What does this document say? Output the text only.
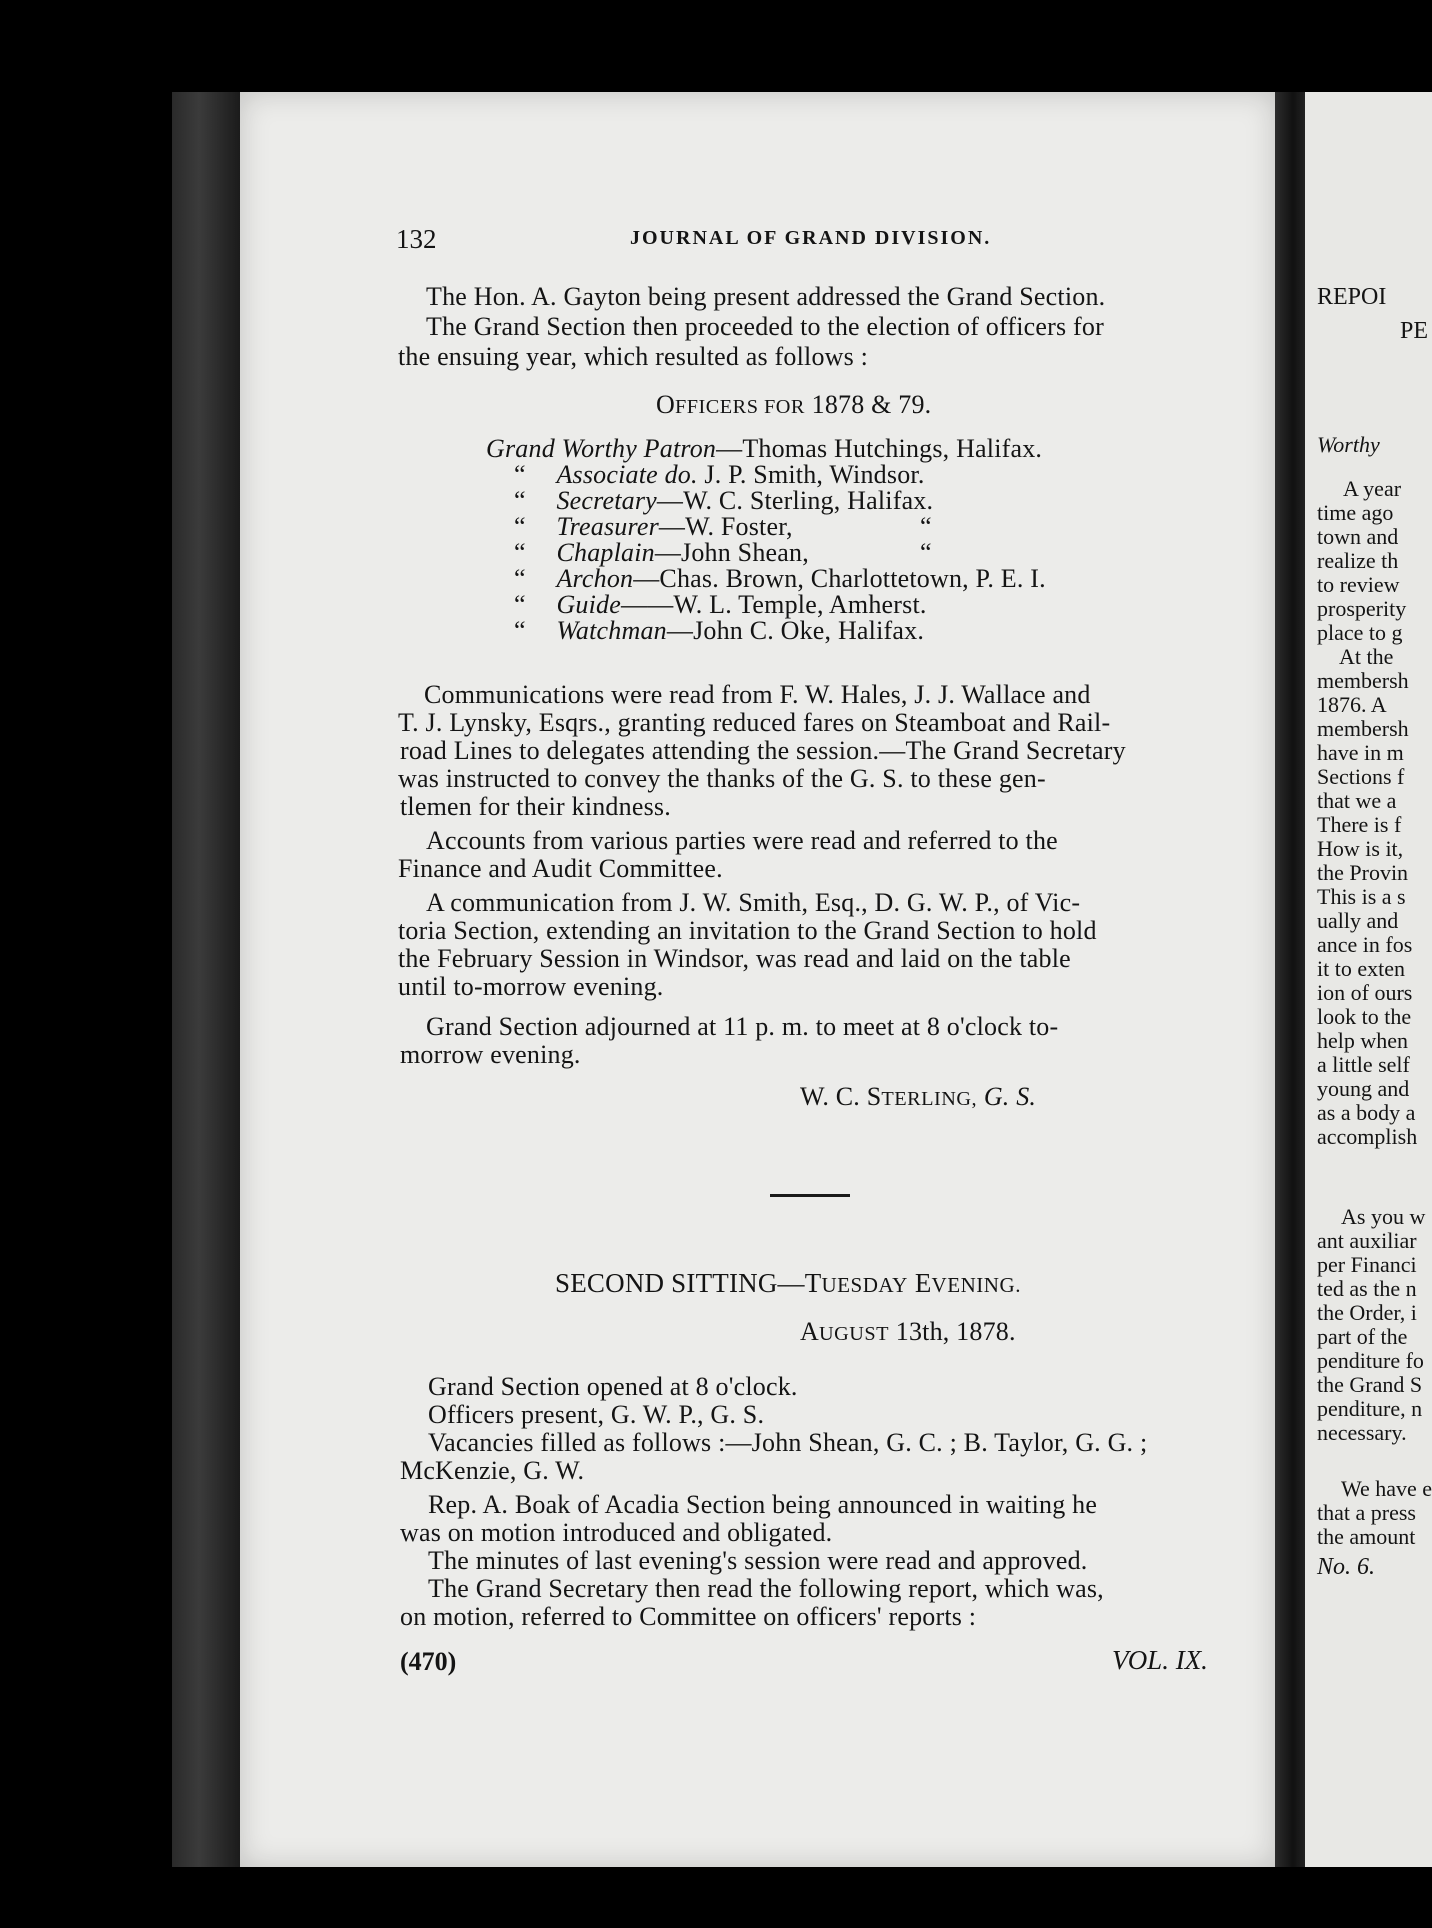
132	JOURNAL OF GRAND DIVISION.
The Hon. A. Gayton being present addressed the Grand Section.
The Grand Section then proceeded to the election of officers for
the ensuing year, which resulted as follows :
OFFICERS FOR 1878 & 79.
Grand Worthy Patron—Thomas Hutchings, Halifax.
“ Associate do. J. P. Smith, Windsor.
“ Secretary—W. C. Sterling, Halifax.
“ Treasurer—W. Foster,	“
“ Chaplain—John Shean,	“
“ Archon—Chas. Brown, Charlottetown, P. E. I.
“ Guide——W. L. Temple, Amherst.
“ Watchman—John C. Oke, Halifax.
Communications were read from F. W. Hales, J. J. Wallace and
T. J. Lynsky, Esqrs., granting reduced fares on Steamboat and Rail-
road Lines to delegates attending the session.—The Grand Secretary
was instructed to convey the thanks of the G. S. to these gen-
tlemen for their kindness.
Accounts from various parties were read and referred to the
Finance and Audit Committee.
A communication from J. W. Smith, Esq., D. G. W. P., of Vic-
toria Section, extending an invitation to the Grand Section to hold
the February Session in Windsor, was read and laid on the table
until to-morrow evening.
Grand Section adjourned at 11 p. m. to meet at 8 o'clock to-
morrow evening.
W. C. STERLING, G. S.
SECOND SITTING—TUESDAY EVENING.
AUGUST 13th, 1878.
Grand Section opened at 8 o'clock.
Officers present, G. W. P., G. S.
Vacancies filled as follows :—John Shean, G. C. ; B. Taylor, G. G. ;
McKenzie, G. W.
Rep. A. Boak of Acadia Section being announced in waiting he
was on motion introduced and obligated.
The minutes of last evening's session were read and approved.
The Grand Secretary then read the following report, which was,
on motion, referred to Committee on officers' reports :
(470)	VOL. IX.
REPOI
PE
Worthy
A year
time ago
town and
realize th
to review
prosperity
place to g
At the
membersh
1876. A
membersh
have in m
Sections f
that we a
There is f
How is it,
the Provin
This is a s
ually and
ance in fos
it to exten
ion of ours
look to the
help when
a little self
young and
as a body a
accomplish
As you w
ant auxiliar
per Financi
ted as the n
the Order, i
part of the
penditure fo
the Grand S
penditure, n
necessary.
We have e
that a press
the amount
No. 6.
